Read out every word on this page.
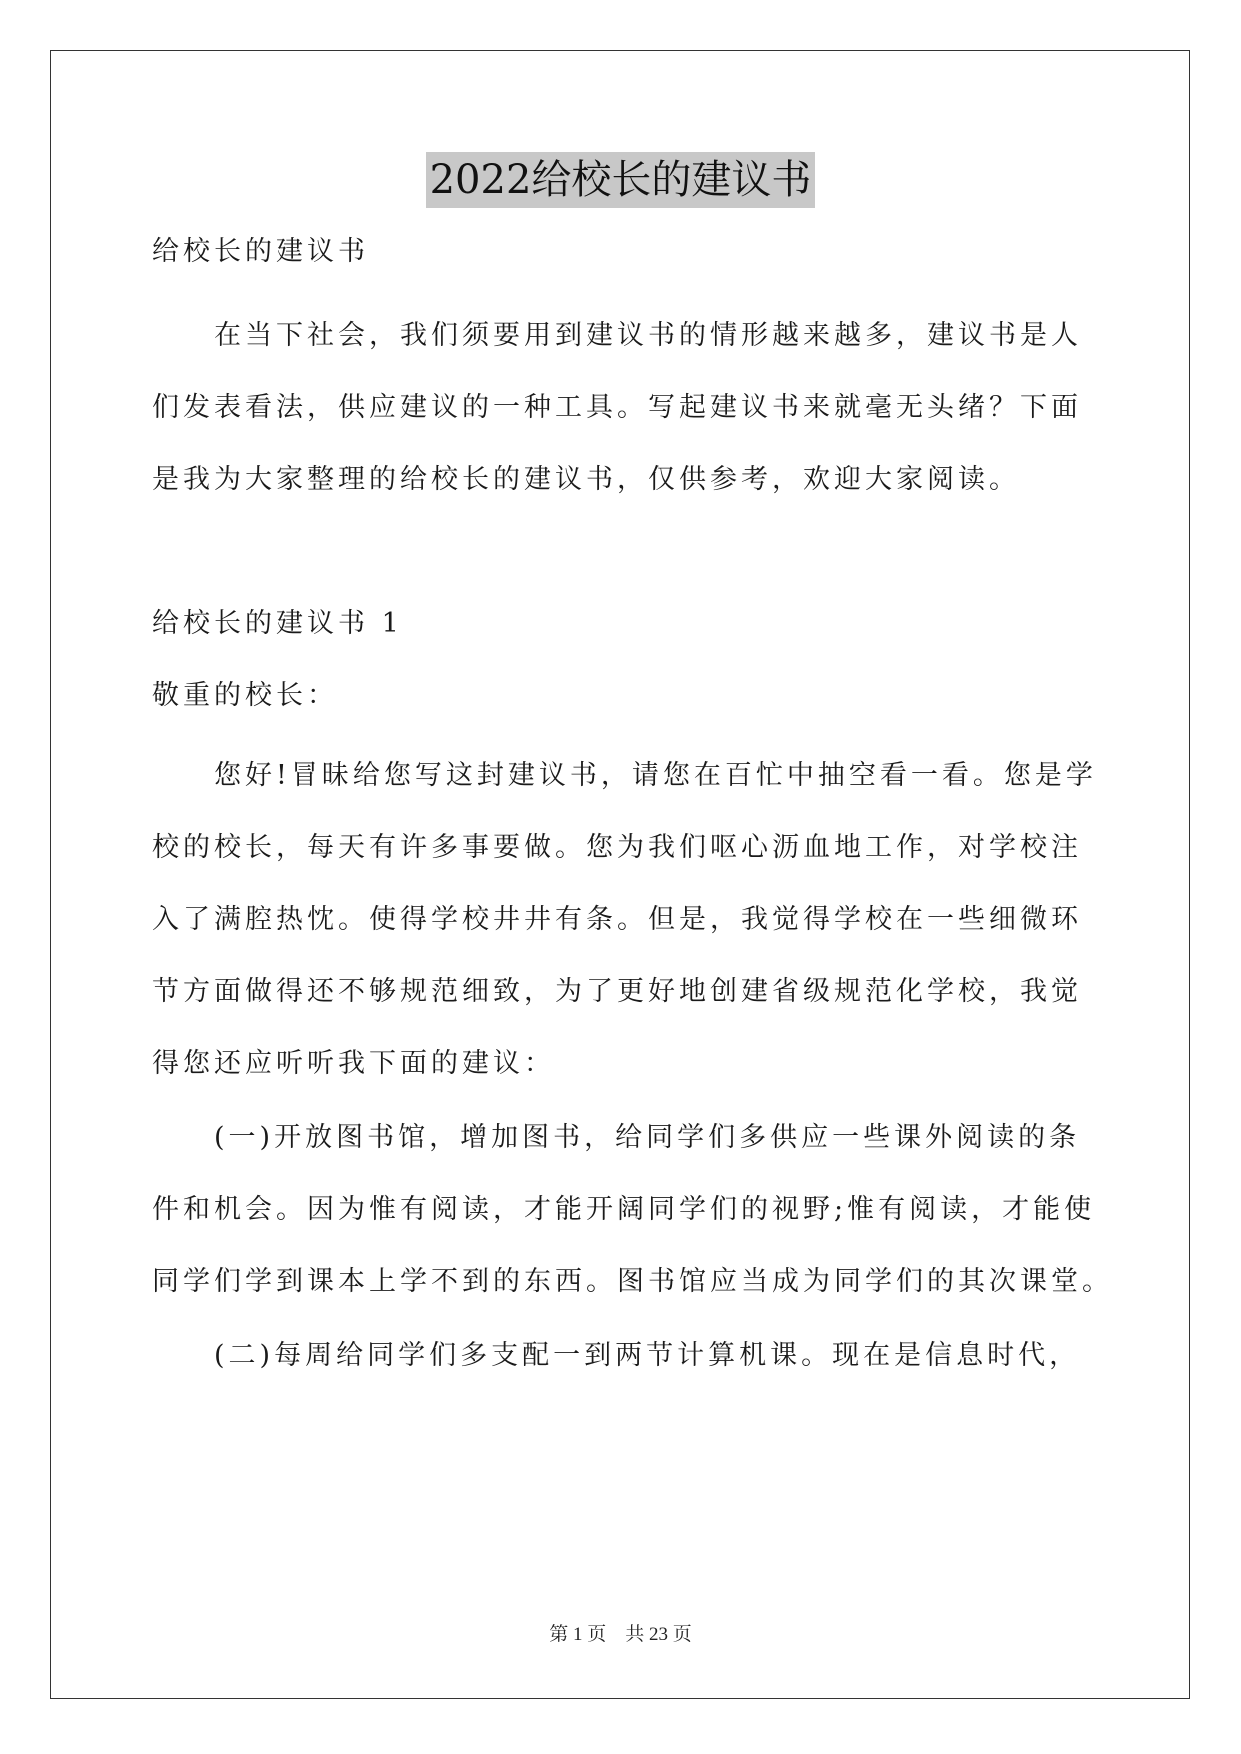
2022给校长的建议书
给校长的建议书
在当下社会，我们须要用到建议书的情形越来越多，建议书是人
们发表看法，供应建议的一种工具。写起建议书来就毫无头绪？下面
是我为大家整理的给校长的建议书，仅供参考，欢迎大家阅读。
给校长的建议书 1
敬重的校长：
您好!冒昧给您写这封建议书，请您在百忙中抽空看一看。您是学
校的校长，每天有许多事要做。您为我们呕心沥血地工作，对学校注
入了满腔热忱。使得学校井井有条。但是，我觉得学校在一些细微环
节方面做得还不够规范细致，为了更好地创建省级规范化学校，我觉
得您还应听听我下面的建议：
(一)开放图书馆，增加图书，给同学们多供应一些课外阅读的条
件和机会。因为惟有阅读，才能开阔同学们的视野;惟有阅读，才能使
同学们学到课本上学不到的东西。图书馆应当成为同学们的其次课堂。
(二)每周给同学们多支配一到两节计算机课。现在是信息时代，
第 1 页　共 23 页
